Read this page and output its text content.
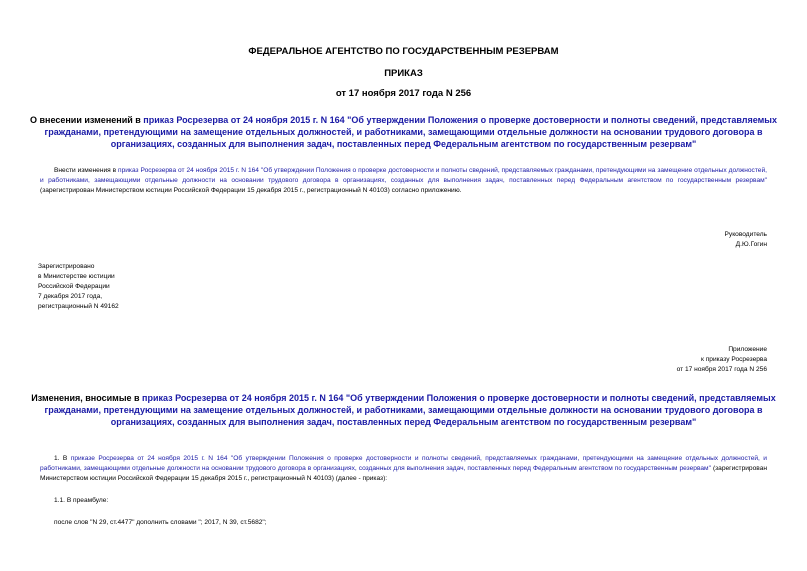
ФЕДЕРАЛЬНОЕ АГЕНТСТВО ПО ГОСУДАРСТВЕННЫМ РЕЗЕРВАМ
ПРИКАЗ
от 17 ноября 2017 года N 256
О внесении изменений в приказ Росрезерва от 24 ноября 2015 г. N 164 "Об утверждении Положения о проверке достоверности и полноты сведений, представляемых гражданами, претендующими на замещение отдельных должностей, и работниками, замещающими отдельные должности на основании трудового договора в организациях, созданных для выполнения задач, поставленных перед Федеральным агентством по государственным резервам"
Внести изменения в приказ Росрезерва от 24 ноября 2015 г. N 164 "Об утверждении Положения о проверке достоверности и полноты сведений, представляемых гражданами, претендующими на замещение отдельных должностей, и работниками, замещающими отдельные должности на основании трудового договора в организациях, созданных для выполнения задач, поставленных перед Федеральным агентством по государственным резервам" (зарегистрирован Министерством юстиции Российской Федерации 15 декабря 2015 г., регистрационный N 40103) согласно приложению.
Руководитель
Д.Ю.Гогин
Зарегистрировано
в Министерстве юстиции
Российской Федерации
7 декабря 2017 года,
регистрационный N 49162
Приложение
к приказу Росрезерва
от 17 ноября 2017 года N 256
Изменения, вносимые в приказ Росрезерва от 24 ноября 2015 г. N 164 "Об утверждении Положения о проверке достоверности и полноты сведений, представляемых гражданами, претендующими на замещение отдельных должностей, и работниками, замещающими отдельные должности на основании трудового договора в организациях, созданных для выполнения задач, поставленных перед Федеральным агентством по государственным резервам"
1. В приказе Росрезерва от 24 ноября 2015 г. N 164 "Об утверждении Положения о проверке достоверности и полноты сведений, представляемых гражданами, претендующими на замещение отдельных должностей, и работниками, замещающими отдельные должности на основании трудового договора в организациях, созданных для выполнения задач, поставленных перед Федеральным агентством по государственным резервам" (зарегистрирован Министерством юстиции Российской Федерации 15 декабря 2015 г., регистрационный N 40103) (далее - приказ):
1.1. В преамбуле:
после слов "N 29, ст.4477" дополнить словами "; 2017, N 39, ст.5682";
